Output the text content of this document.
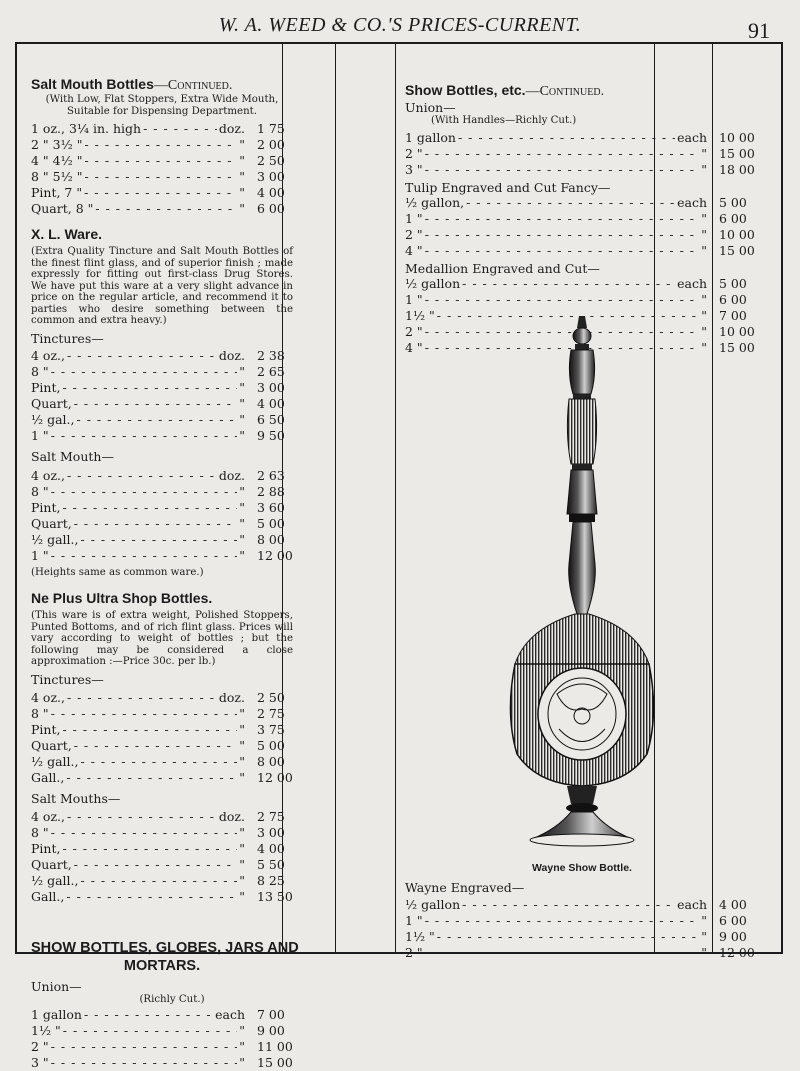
W. A. WEED & CO.'S PRICES-CURRENT.	91

Salt Mouth Bottles—Continued.

(With Low, Flat Stoppers, Extra Wide Mouth, Suitable for Dispensing Department.

1 oz., 3¼ in. high - - -	doz. 1 75
2 " 3½ " - - -	" 2 00
4 " 4½ " - - -	" 2 50
8 " 5½ " - - -	" 3 00
Pint, 7 " - - -	" 4 00
Quart, 8 " - - -	" 6 00

X. L. Ware.

(Extra Quality Tincture and Salt Mouth Bottles of the finest flint glass, and of superior finish ; made expressly for fitting out first-class Drug Stores. We have put this ware at a very slight advance in price on the regular article, and recommend it to parties who desire something between the common and extra heavy.)

Tinctures—

4 oz., - - -	doz. 2 38
8 " - - -	" 2 65
Pint, - - -	" 3 00
Quart, - - -	" 4 00
½ gal., - - -	" 6 50
1 " - - -	" 9 50

Salt Mouth—

4 oz., - - -	doz. 2 63
8 " - - -	" 2 88
Pint, - - -	" 3 60
Quart, - - -	" 5 00
½ gall., - - -	" 8 00
1 " - - -	" 12 00

(Heights same as common ware.)

Ne Plus Ultra Shop Bottles.

(This ware is of extra weight, Polished Stoppers, Punted Bottoms, and of rich flint glass. Prices will vary according to weight of bottles ; but the following may be considered a close approximation :—Price 30c. per lb.)

Tinctures—

4 oz., - - -	doz. 2 50
8 " - - -	" 2 75
Pint, - - -	" 3 75
Quart, - - -	" 5 00
½ gall., - - -	" 8 00
Gall., - - -	" 12 00

Salt Mouths—

4 oz., - - -	doz. 2 75
8 " - - -	" 3 00
Pint, - - -	" 4 00
Quart, - - -	" 5 50
½ gall., - - -	" 8 25
Gall., - - -	" 13 50

SHOW BOTTLES, GLOBES, JARS AND

MORTARS.

Union—

(Richly Cut.)

1 gallon - - -	each 7 00
1½ " - - -	" 9 00
2 " - - -	" 11 00
3 " - - -	" 15 00

Show Bottles, etc.—Continued.

Union—

(With Handles—Richly Cut.)

1 gallon - - -	each 10 00
2 " - - -	" 15 00
3 " - - -	" 18 00

Tulip Engraved and Cut Fancy—

½ gallon, - - -	each 5 00
1 " - - -	" 6 00
2 " - - -	" 10 00
4 " - - -	" 15 00

Medallion Engraved and Cut—

½ gallon - - -	each 5 00
1 " - - -	" 6 00
1½ " - - -	" 7 00
2 " - - -	" 10 00
4 " - - -	" 15 00
Wayne Show Bottle.

Wayne Engraved—

½ gallon - - -	each 4 00
1 " - - -	" 6 00
1½ " - - -	" 9 00
2 " - - -	" 12 00
